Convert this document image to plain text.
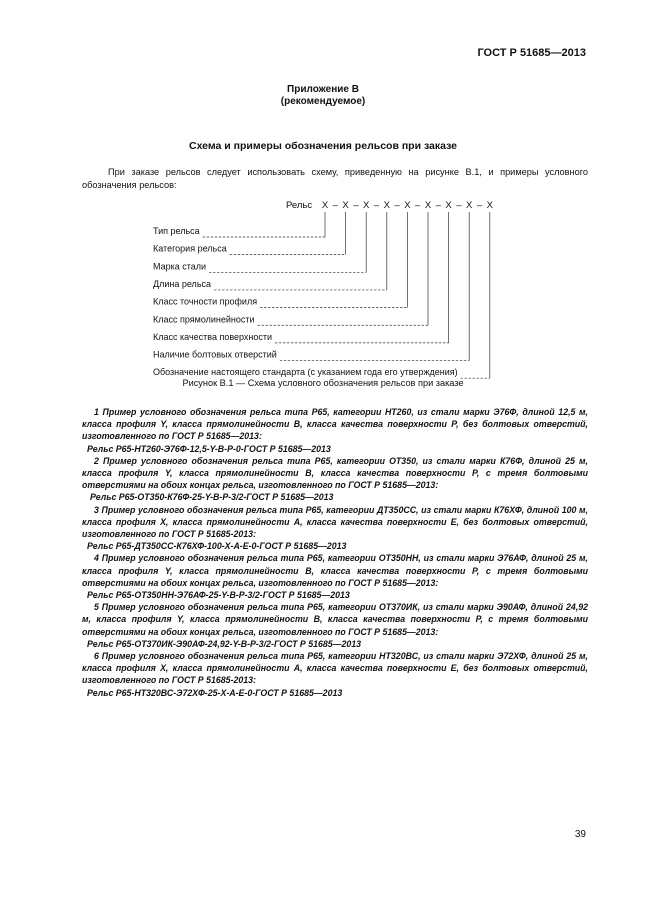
ГОСТ Р 51685—2013
Приложение В
(рекомендуемое)
Схема и примеры обозначения рельсов при заказе
При заказе рельсов следует использовать схему, приведенную на рисунке В.1, и примеры условного обозначения рельсов:
Рельс Х – Х – Х – Х – Х – Х – Х – Х – Х
Тип рельса
Категория рельса
Марка стали
Длина рельса
Класс точности профиля
Класс прямолинейности
Класс качества поверхности
Наличие болтовых отверстий
Обозначение настоящего стандарта (с указанием года его утверждения)
Рисунок В.1 — Схема условного обозначения рельсов при заказе

1 Пример условного обозначения рельса типа Р65, категории НТ260, из стали марки Э76Ф, длиной 12,5 м, класса профиля Y, класса прямолинейности В, класса качества поверхности Р, без болтовых отверстий, изготовленного по ГОСТ Р 51685—2013:

Рельс Р65-НТ260-Э76Ф-12,5-Y-В-Р-0-ГОСТ Р 51685—2013

2 Пример условного обозначения рельса типа Р65, категории ОТ350, из стали марки К76Ф, длиной 25 м, класса профиля Y, класса прямолинейности В, класса качества поверхности Р, с тремя болтовыми отверстиями на обоих концах рельса, изготовленного по ГОСТ Р 51685—2013:

Рельс Р65-ОТ350-К76Ф-25-Y-В-Р-3/2-ГОСТ Р 51685—2013

3 Пример условного обозначения рельса типа Р65, категории ДТ350СС, из стали марки К76ХФ, длиной 100 м, класса профиля Х, класса прямолинейности А, класса качества поверхности Е, без болтовых отверстий, изготовленного по ГОСТ Р 51685-2013:

Рельс Р65-ДТ350СС-К76ХФ-100-Х-А-Е-0-ГОСТ Р 51685—2013

4 Пример условного обозначения рельса типа Р65, категории ОТ350НН, из стали марки Э76АФ, длиной 25 м, класса профиля Y, класса прямолинейности В, класса качества поверхности Р, с тремя болтовыми отверстиями на обоих концах рельса, изготовленного по ГОСТ Р 51685—2013:

Рельс Р65-ОТ350НН-Э76АФ-25-Y-В-Р-3/2-ГОСТ Р 51685—2013

5 Пример условного обозначения рельса типа Р65, категории ОТ370ИК, из стали марки Э90АФ, длиной 24,92 м, класса профиля Y, класса прямолинейности В, класса качества поверхности Р, с тремя болтовыми отверстиями на обоих концах рельса, изготовленного по ГОСТ Р 51685—2013:

Рельс Р65-ОТ370ИК-Э90АФ-24,92-Y-В-Р-3/2-ГОСТ Р 51685—2013

6 Пример условного обозначения рельса типа Р65, категории НТ320ВС, из стали марки Э72ХФ, длиной 25 м, класса профиля Х, класса прямолинейности А, класса качества поверхности Е, без болтовых отверстий, изготовленного по ГОСТ Р 51685-2013:

Рельс Р65-НТ320ВС-Э72ХФ-25-Х-А-Е-0-ГОСТ Р 51685—2013

39
